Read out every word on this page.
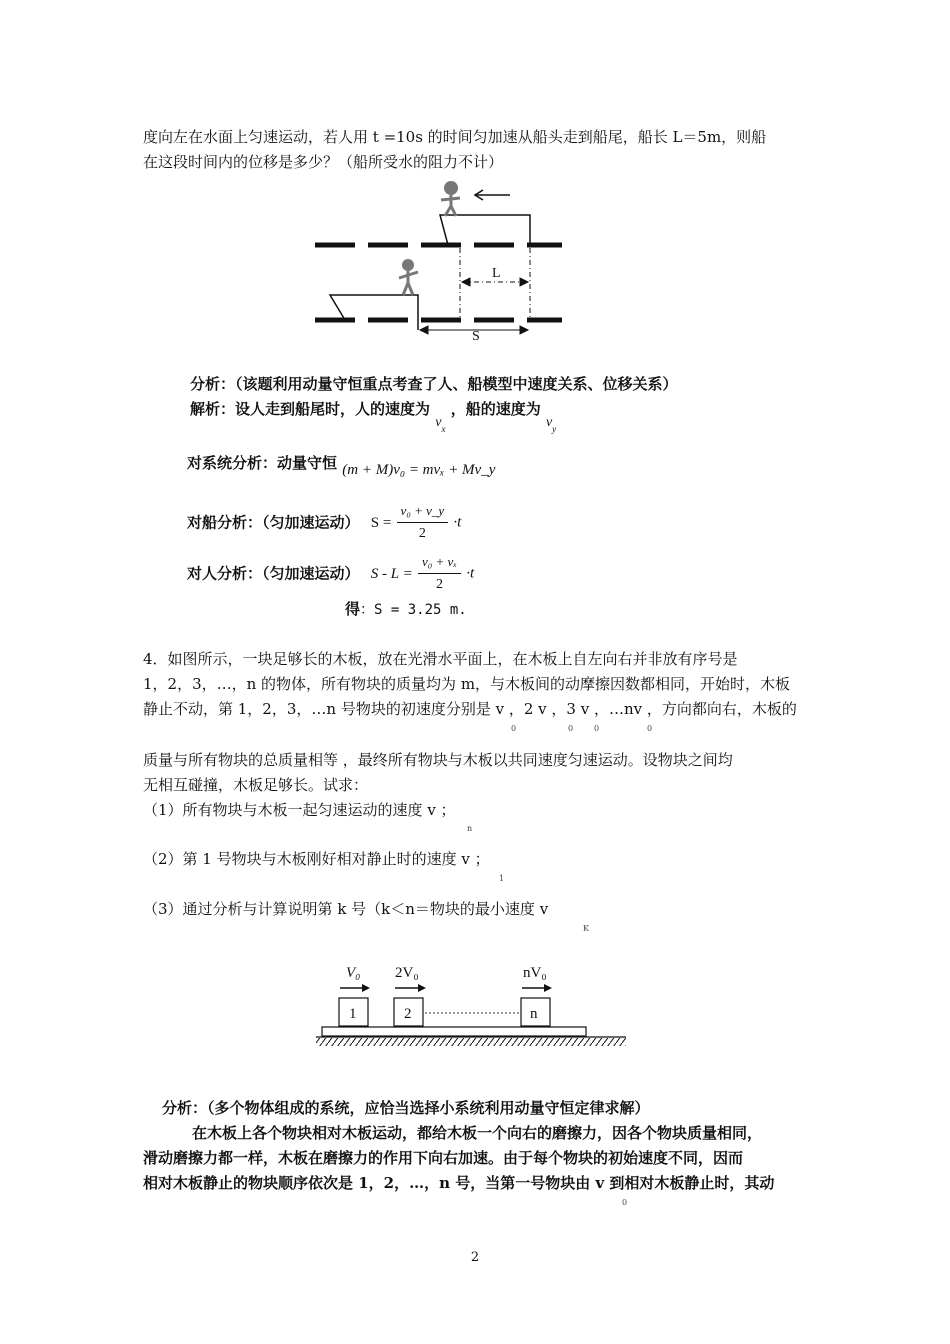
度向左在水面上匀速运动，若人用 t =10s 的时间匀加速从船头走到船尾，船长 L＝5m，则船
在这段时间内的位移是多少？（船所受水的阻力不计）
L
S
分析：（该题利用动量守恒重点考查了人、船模型中速度关系、位移关系）
解析：设人走到船尾时，人的速度为 $v_x$ ，船的速度为 $v_y$
对系统分析：动量守恒 (m + M)v₀ = mvₓ + Mv_y
对船分析：（匀加速运动） $S = \frac{\text{v₀ + v\_y}}{2} \cdot t$
对人分析：（匀加速运动） $S - L = \frac{\text{v₀ + vₓ}}{2} \cdot t$
得：S = 3.25 m.
4．如图所示，一块足够长的木板，放在光滑水平面上，在木板上自左向右并非放有序号是
1，2，3，…，n 的物体，所有物块的质量均为 m，与木板间的动摩擦因数都相同，开始时，木板
静止不动，第 1，2，3，…n 号物块的初速度分别是 v ，2 v ，3 v ，…nv ，方向都向右，木板的
0	0	0	0
质量与所有物块的总质量相等 ，最终所有物块与木板以共同速度匀速运动。设物块之间均
无相互碰撞，木板足够长。试求：
（1）所有物块与木板一起匀速运动的速度 v ；
n
（2）第 1 号物块与木板刚好相对静止时的速度 v ；
1
（3）通过分析与计算说明第 k 号（k＜n＝物块的最小速度 v
K
V₀ 2V₀	nV₀
1	2	n
分析：（多个物体组成的系统，应恰当选择小系统利用动量守恒定律求解）
在木板上各个物块相对木板运动，都给木板一个向右的磨擦力，因各个物块质量相同，
滑动磨擦力都一样，木板在磨擦力的作用下向右加速。由于每个物块的初始速度不同，因而
相对木板静止的物块顺序依次是 1，2，…，n 号，当第一号物块由 v 到相对木板静止时，其动
0
2
